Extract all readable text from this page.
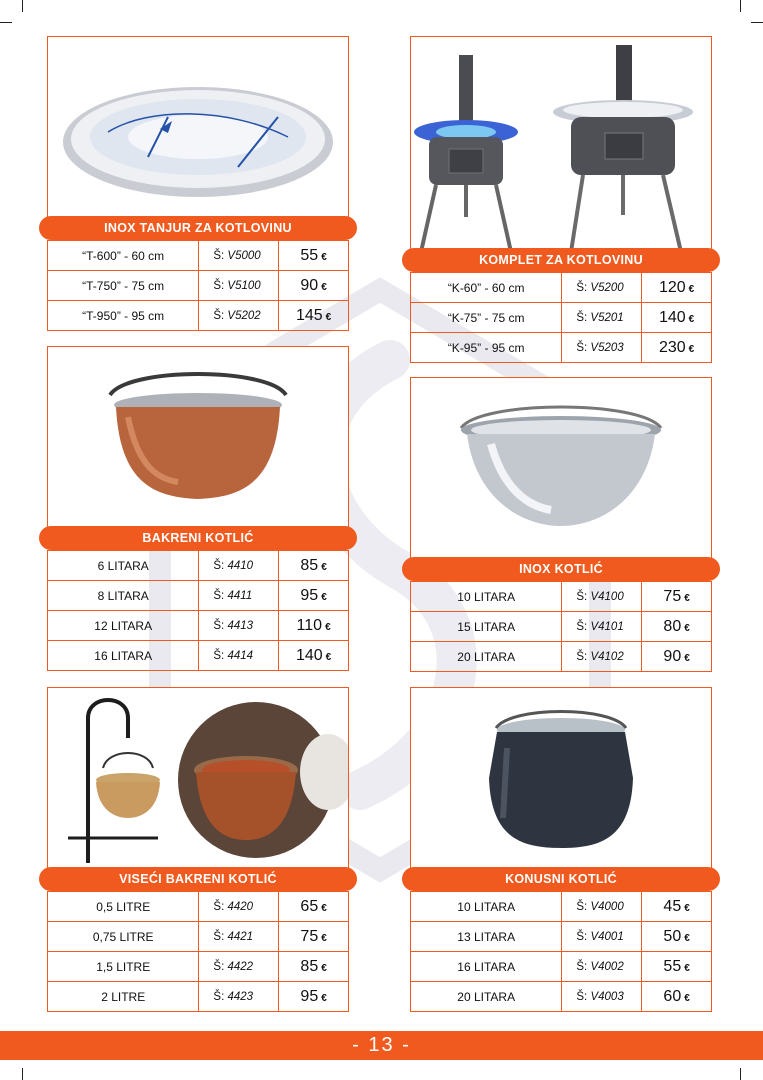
INOX TANJUR ZA KOTLOVINU
“T-600” - 60 cm	Š: V5000	55 €
“T-750” - 75 cm	Š: V5100	90 €
“T-950” - 95 cm	Š: V5202	145 €
KOMPLET ZA KOTLOVINU
“K-60” - 60 cm	Š: V5200	120 €
“K-75” - 75 cm	Š: V5201	140 €
“K-95” - 95 cm	Š: V5203	230 €
BAKRENI KOTLIĆ
6 LITARA	Š: 4410	85 €
8 LITARA	Š: 4411	95 €
12 LITARA	Š: 4413	110 €
16 LITARA	Š: 4414	140 €
INOX KOTLIĆ
10 LITARA	Š: V4100	75 €
15 LITARA	Š: V4101	80 €
20 LITARA	Š: V4102	90 €
VISEĆI BAKRENI KOTLIĆ
0,5 LITRE	Š: 4420	65 €
0,75 LITRE	Š: 4421	75 €
1,5 LITRE	Š: 4422	85 €
2 LITRE	Š: 4423	95 €
KONUSNI KOTLIĆ
10 LITARA	Š: V4000	45 €
13 LITARA	Š: V4001	50 €
16 LITARA	Š: V4002	55 €
20 LITARA	Š: V4003	60 €
- 13 -
